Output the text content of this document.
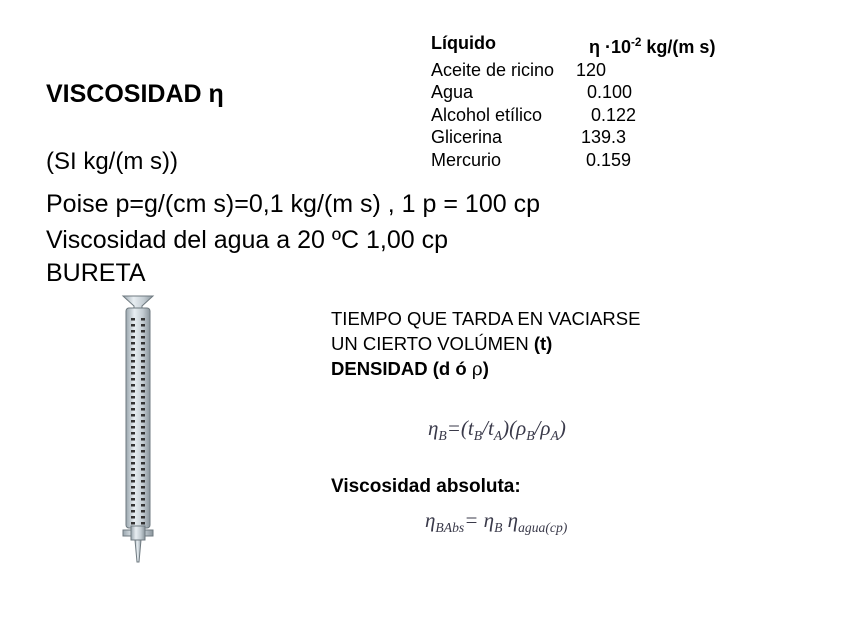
VISCOSIDAD η
(SI kg/(m s))
Poise p=g/(cm s)=0,1 kg/(m s) , 1 p = 100 cp
Viscosidad del agua a 20 ºC 1,00 cp
BURETA
Líquido	$\eta \cdot 10^{-2}$ kg/(m s)
Aceite de ricino	120
Agua	0.100
Alcohol etílico	0.122
Glicerina	139.3
Mercurio	0.159
TIEMPO QUE TARDA EN VACIARSE
UN CIERTO VOLÚMEN (t)
DENSIDAD (d ó ρ)
$\eta_B=(t_B/t_A)(\rho_B/\rho_A)$
Viscosidad absoluta:
$\eta_{BAbs}= \eta_B$ $\eta_{agua(cp)}$
